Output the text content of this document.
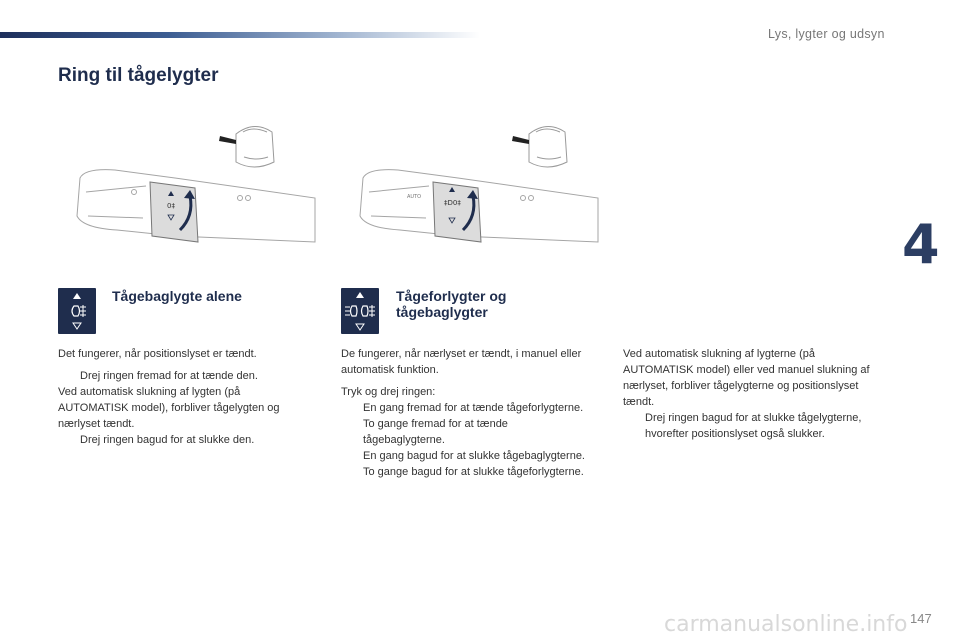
Lys, lygter og udsyn
4
147
Ring til tågelygter
0‡
AUTO
‡D0‡
Tågebaglygte alene	Tågeforlygter og tågebaglygter

Det fungerer, når positionslyset er tændt.

Drej ringen fremad for at tænde den.

Ved automatisk slukning af lygten (på AUTOMATISK model), forbliver tågelygten og nærlyset tændt.

Drej ringen bagud for at slukke den.

De fungerer, når nærlyset er tændt, i manuel eller automatisk funktion.

Tryk og drej ringen:

En gang fremad for at tænde tågeforlygterne.

To gange fremad for at tænde tågebaglygterne.

En gang bagud for at slukke tågebaglygterne.

To gange bagud for at slukke tågeforlygterne.

Ved automatisk slukning af lygterne (på AUTOMATISK model) eller ved manuel slukning af nærlyset, forbliver tågelygterne og positionslyset tændt.

Drej ringen bagud for at slukke tågelygterne, hvorefter positionslyset også slukker.

carmanualsonline.info
